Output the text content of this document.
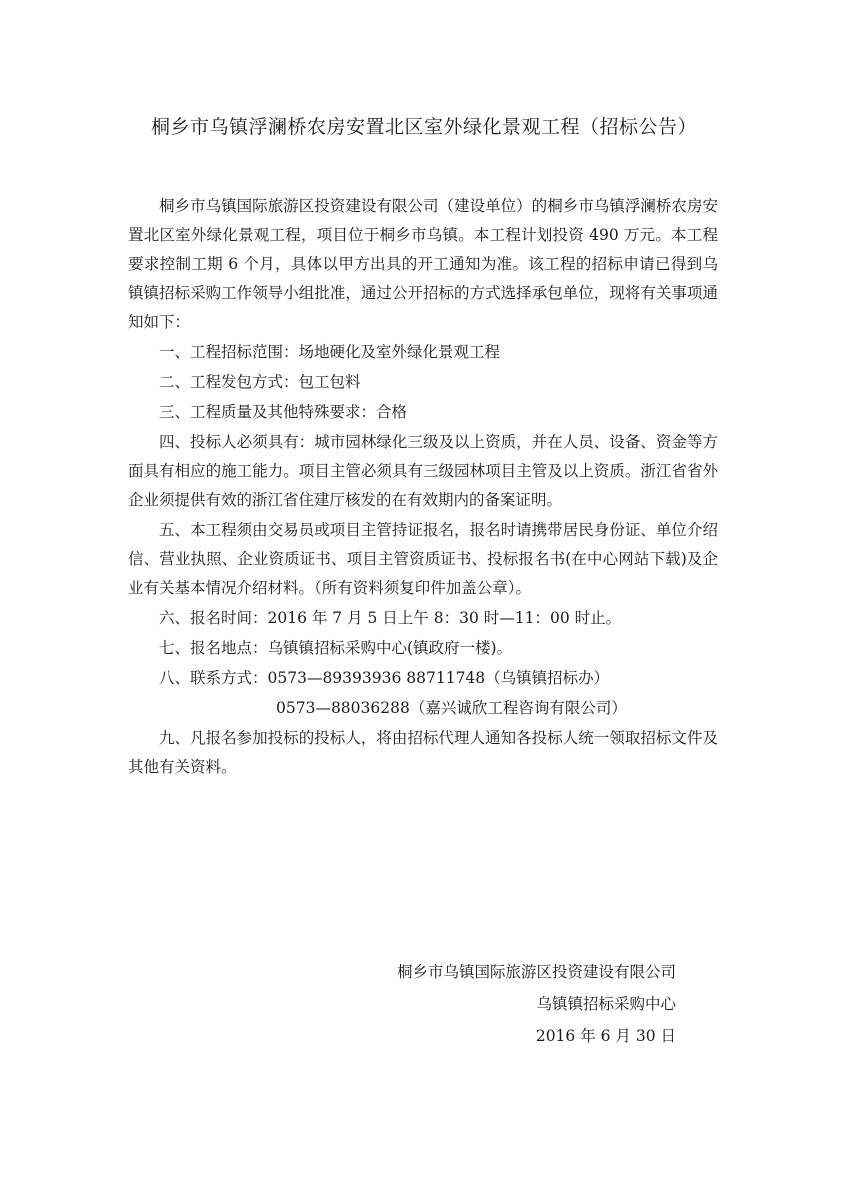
桐乡市乌镇浮澜桥农房安置北区室外绿化景观工程（招标公告）

桐乡市乌镇国际旅游区投资建设有限公司（建设单位）的桐乡市乌镇浮澜桥农房安置北区室外绿化景观工程，项目位于桐乡市乌镇。本工程计划投资 490 万元。本工程要求控制工期 6 个月，具体以甲方出具的开工通知为准。该工程的招标申请已得到乌镇镇招标采购工作领导小组批准，通过公开招标的方式选择承包单位，现将有关事项通知如下：

一、工程招标范围：场地硬化及室外绿化景观工程

二、工程发包方式：包工包料

三、工程质量及其他特殊要求：合格

四、投标人必须具有：城市园林绿化三级及以上资质，并在人员、设备、资金等方面具有相应的施工能力。项目主管必须具有三级园林项目主管及以上资质。浙江省省外企业须提供有效的浙江省住建厅核发的在有效期内的备案证明。

五、本工程须由交易员或项目主管持证报名，报名时请携带居民身份证、单位介绍信、营业执照、企业资质证书、项目主管资质证书、投标报名书(在中心网站下载)及企业有关基本情况介绍材料。（所有资料须复印件加盖公章）。

六、报名时间：2016 年 7 月 5 日上午 8：30 时—11：00 时止。

七、报名地点：乌镇镇招标采购中心(镇政府一楼)。

八、联系方式：0573—89393936 88711748（乌镇镇招标办）

0573—88036288（嘉兴诚欣工程咨询有限公司）

九、凡报名参加投标的投标人，将由招标代理人通知各投标人统一领取招标文件及其他有关资料。

桐乡市乌镇国际旅游区投资建设有限公司
乌镇镇招标采购中心
2016 年 6 月 30 日
